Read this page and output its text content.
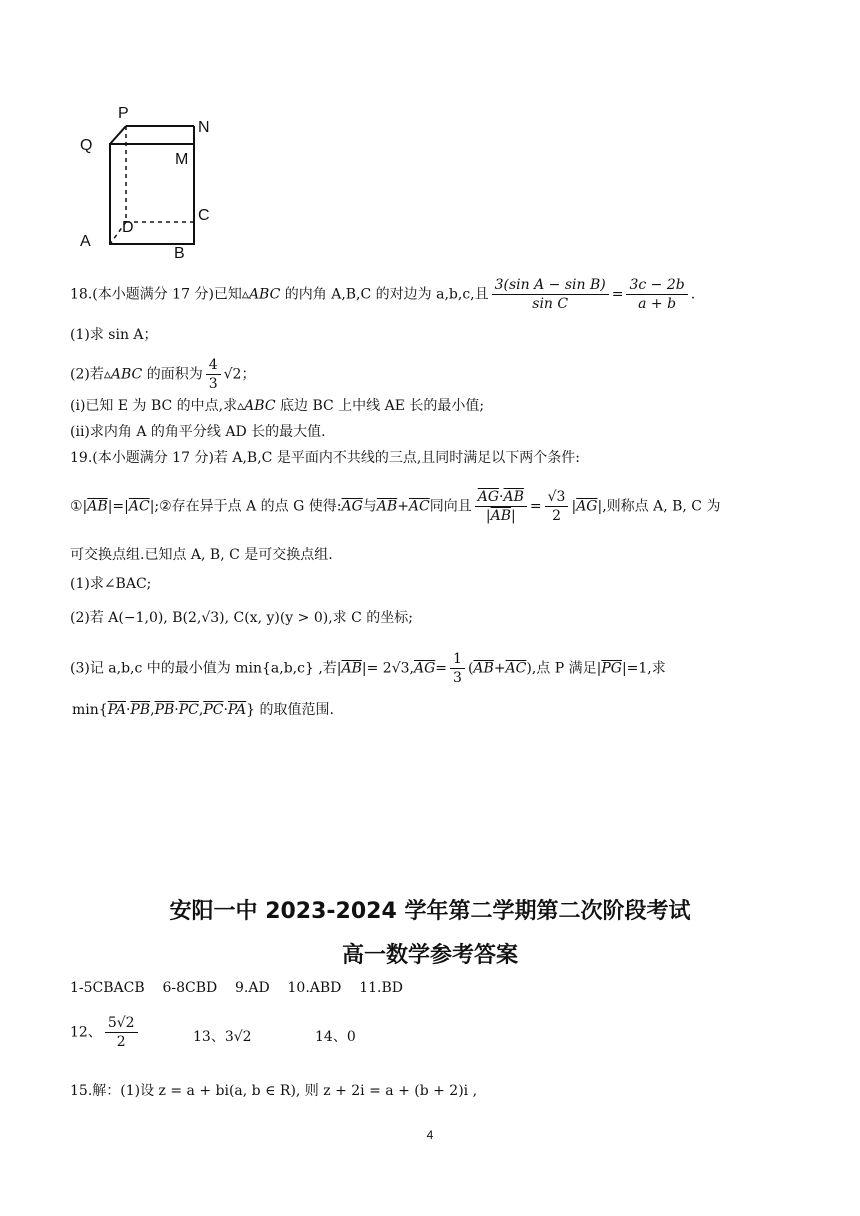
P
N
Q
M
D
C
A
B
18.(本小题满分 17 分)已知▵ABC 的内角 A,B,C 的对边为 a,b,c,且 $\frac{\text{3(sin A − sin B)}}{\text{sin C}} = \frac{3c - 2b}{a + b}$ .
(1)求 sin A；
(2)若▵ABC 的面积为 $\frac{4}{3} √2$；
(i)已知 E 为 BC 的中点,求▵ABC 底边 BC 上中线 AE 长的最小值;
(ii)求内角 A 的角平分线 AD 长的最大值.
19.(本小题满分 17 分)若 A,B,C 是平面内不共线的三点,且同时满足以下两个条件:
$①|\overline{AB}|=|\overline{AC}|;②$存在异于点 A 的点 G 使得$:\overline{AG}$与$\overline{AB}+\overline{AC}$同向且 $\frac{\overline{AG}\cdot\overline{AB}}{|\overline{AB}|} = \frac{√3}{2} |\overline{AG}|$,则称点 A, B, C 为
可交换点组.已知点 A, B, C 是可交换点组.
(1)求∠BAC;
(2)若 A(−1,0), B(2,√3), C(x, y)(y > 0),求 C 的坐标;
(3)记 a,b,c 中的最小值为 min{a,b,c} ,若$|\overline{AB}|= 2√3,\overline{AG}= \frac{1}{3} (\overline{AB}+\overline{AC})$,点 P 满足$|\overline{PG}|=1$,求
$\min\{\overline{PA}\cdot\overline{PB},\overline{PB}\cdot\overline{PC},\overline{PC}\cdot\overline{PA}\}$ 的取值范围.
安阳一中 2023-2024 学年第二学期第二次阶段考试
高一数学参考答案
1-5CBACB    6-8CBD    9.AD    10.ABD    11.BD
12、 $\frac{5√2}{2}$	13、3√2	14、0
15.解：(1)设 z = a + bi(a, b ∈ R), 则 z + 2i = a + (b + 2)i ,
4
